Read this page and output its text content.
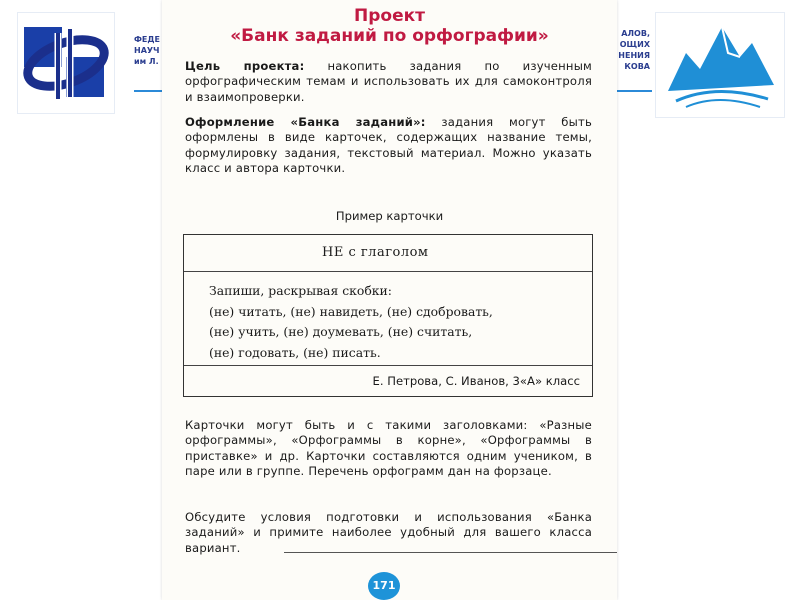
ФЕДЕ
НАУЧ
им Л.
АЛОВ,
ОЩИХ
НЕНИЯ
КОВА
Проект
«Банк заданий по орфографии»
Цель проекта: накопить задания по изученным орфографическим темам и использовать их для самоконтроля и взаимопроверки.
Оформление «Банка заданий»: задания могут быть оформлены в виде карточек, содержащих название темы, формулировку задания, текстовый материал. Можно указать класс и автора карточки.
Пример карточки
НЕ с глаголом
Запиши, раскрывая скобки:
(не) читать, (не) навидеть, (не) сдобровать,
(не) учить, (не) доумевать, (не) считать,
(не) годовать, (не) писать.
Е. Петрова, С. Иванов, 3«А» класс
Карточки могут быть и с такими заголовками: «Разные орфограммы», «Орфограммы в корне», «Орфограммы в приставке» и др. Карточки составляются одним учеником, в паре или в группе. Перечень орфограмм дан на форзаце.
Обсудите условия подготовки и использования «Банка заданий» и примите наиболее удобный для вашего класса вариант.
171
